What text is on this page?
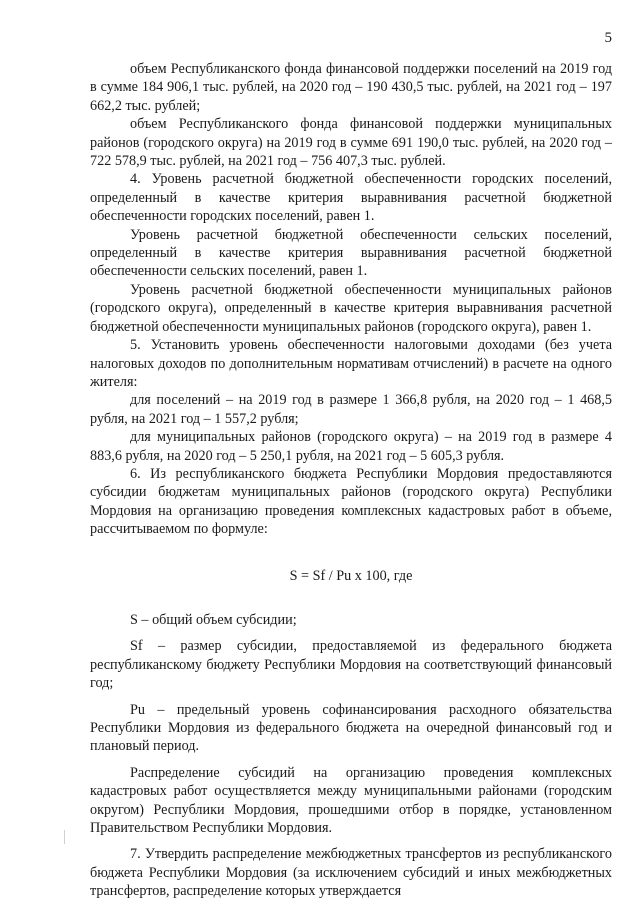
5

объем Республиканского фонда финансовой поддержки поселений на 2019 год в сумме 184 906,1 тыс. рублей, на 2020 год – 190 430,5 тыс. рублей, на 2021 год – 197 662,2 тыс. рублей;

объем Республиканского фонда финансовой поддержки муниципальных районов (городского округа) на 2019 год в сумме 691 190,0 тыс. рублей, на 2020 год – 722 578,9 тыс. рублей, на 2021 год – 756 407,3 тыс. рублей.

4. Уровень расчетной бюджетной обеспеченности городских поселений, определенный в качестве критерия выравнивания расчетной бюджетной обеспеченности городских поселений, равен 1.

Уровень расчетной бюджетной обеспеченности сельских поселений, определенный в качестве критерия выравнивания расчетной бюджетной обеспеченности сельских поселений, равен 1.

Уровень расчетной бюджетной обеспеченности муниципальных районов (городского округа), определенный в качестве критерия выравнивания расчетной бюджетной обеспеченности муниципальных районов (городского округа), равен 1.

5. Установить уровень обеспеченности налоговыми доходами (без учета налоговых доходов по дополнительным нормативам отчислений) в расчете на одного жителя:

для поселений – на 2019 год в размере 1 366,8 рубля, на 2020 год – 1 468,5 рубля, на 2021 год – 1 557,2 рубля;

для муниципальных районов (городского округа) – на 2019 год в размере 4 883,6 рубля, на 2020 год – 5 250,1 рубля, на 2021 год – 5 605,3 рубля.

6. Из республиканского бюджета Республики Мордовия предоставляются субсидии бюджетам муниципальных районов (городского округа) Республики Мордовия на организацию проведения комплексных кадастровых работ в объеме, рассчитываемом по формуле:

S = Sf / Pu x 100, где

S – общий объем субсидии;

Sf – размер субсидии, предоставляемой из федерального бюджета республиканскому бюджету Республики Мордовия на соответствующий финансовый год;

Pu – предельный уровень софинансирования расходного обязательства Республики Мордовия из федерального бюджета на очередной финансовый год и плановый период.

Распределение субсидий на организацию проведения комплексных кадастровых работ осуществляется между муниципальными районами (городским округом) Республики Мордовия, прошедшими отбор в порядке, установленном Правительством Республики Мордовия.

7. Утвердить распределение межбюджетных трансфертов из республиканского бюджета Республики Мордовия (за исключением субсидий и иных межбюджетных трансфертов, распределение которых утверждается
